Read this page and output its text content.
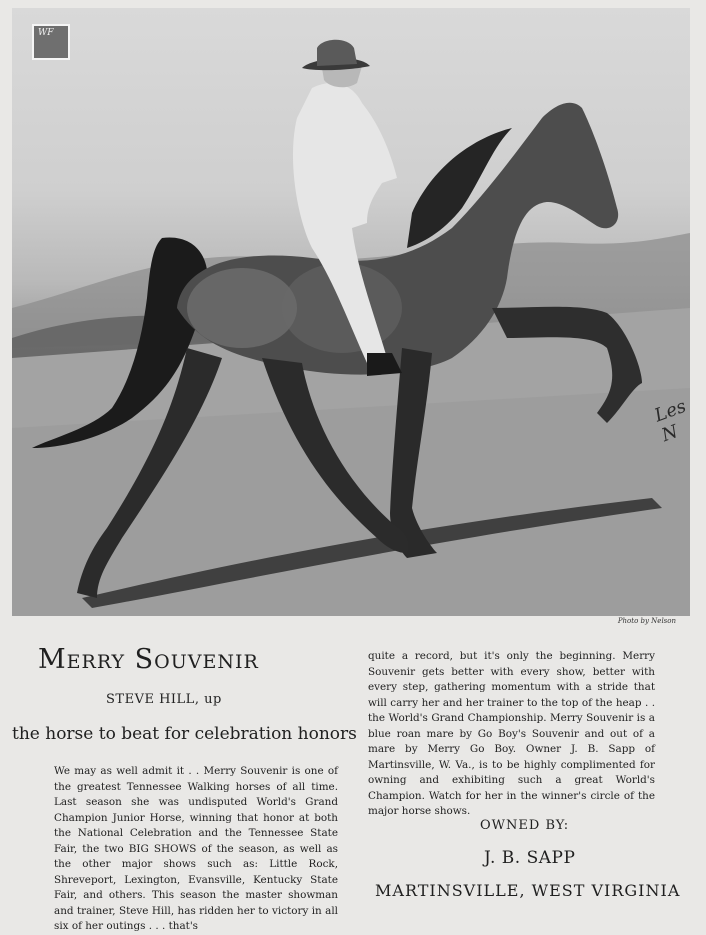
WF
Les N
Photo by Nelson
Merry Souvenir
STEVE HILL, up
the horse to beat for celebration honors
We may as well admit it . . Merry Souvenir is one of the greatest Tennessee Walking horses of all time. Last season she was undisputed World's Grand Champion Junior Horse, winning that honor at both the National Celebration and the Tennessee State Fair, the two BIG SHOWS of the season, as well as the other major shows such as: Little Rock, Shreveport, Lexington, Evansville, Kentucky State Fair, and others. This season the master showman and trainer, Steve Hill, has ridden her to victory in all six of her outings . . . that's
quite a record, but it's only the beginning. Merry Souvenir gets better with every show, better with every step, gathering momentum with a stride that will carry her and her trainer to the top of the heap . . the World's Grand Championship. Merry Souvenir is a blue roan mare by Go Boy's Souvenir and out of a mare by Merry Go Boy. Owner J. B. Sapp of Martinsville, W. Va., is to be highly complimented for owning and exhibiting such a great World's Champion. Watch for her in the winner's circle of the major horse shows.
OWNED BY:
J. B. SAPP
MARTINSVILLE, WEST VIRGINIA
